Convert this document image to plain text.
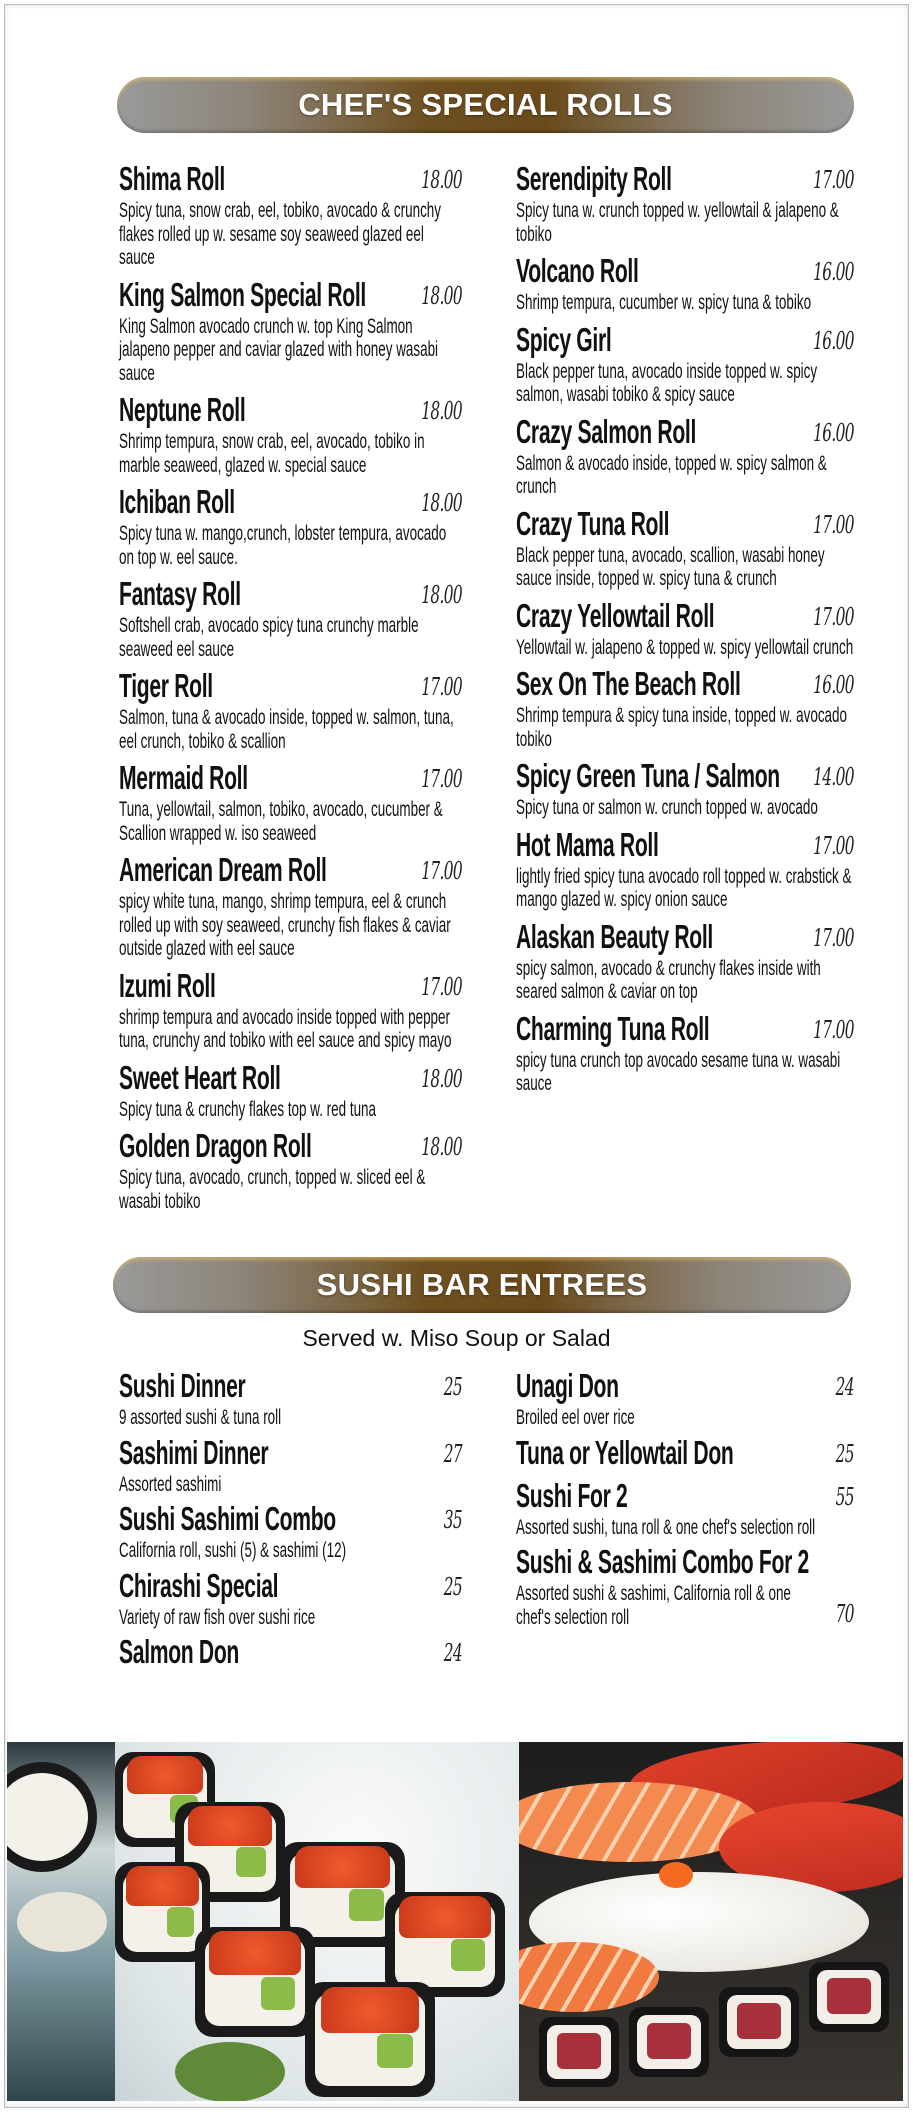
CHEF'S SPECIAL ROLLS
Shima Roll	18.00
Spicy tuna, snow crab, eel, tobiko, avocado & crunchy flakes rolled up w. sesame soy seaweed glazed eel sauce
King Salmon Special Roll	18.00
King Salmon avocado crunch w. top King Salmon jalapeno pepper and caviar glazed with honey wasabi sauce
Neptune Roll	18.00
Shrimp tempura, snow crab, eel, avocado, tobiko in marble seaweed, glazed w. special sauce
Ichiban Roll	18.00
Spicy tuna w. mango,crunch, lobster tempura, avocado on top w. eel sauce.
Fantasy Roll	18.00
Softshell crab, avocado spicy tuna crunchy marble seaweed eel sauce
Tiger Roll	17.00
Salmon, tuna & avocado inside, topped w. salmon, tuna, eel crunch, tobiko & scallion
Mermaid Roll	17.00
Tuna, yellowtail, salmon, tobiko, avocado, cucumber & Scallion wrapped w. iso seaweed
American Dream Roll	17.00
spicy white tuna, mango, shrimp tempura, eel & crunch rolled up with soy seaweed, crunchy fish flakes & caviar outside glazed with eel sauce
Izumi Roll	17.00
shrimp tempura and avocado inside topped with pepper tuna, crunchy and tobiko with eel sauce and spicy mayo
Sweet Heart Roll	18.00
Spicy tuna & crunchy flakes top w. red tuna
Golden Dragon Roll	18.00
Spicy tuna, avocado, crunch, topped w. sliced eel & wasabi tobiko
Serendipity Roll	17.00
Spicy tuna w. crunch topped w. yellowtail & jalapeno & tobiko
Volcano Roll	16.00
Shrimp tempura, cucumber w. spicy tuna & tobiko
Spicy Girl	16.00
Black pepper tuna, avocado inside topped w. spicy salmon, wasabi tobiko & spicy sauce
Crazy Salmon Roll	16.00
Salmon & avocado inside, topped w. spicy salmon & crunch
Crazy Tuna Roll	17.00
Black pepper tuna, avocado, scallion, wasabi honey sauce inside, topped w. spicy tuna & crunch
Crazy Yellowtail Roll	17.00
Yellowtail w. jalapeno & topped w. spicy yellowtail crunch
Sex On The Beach Roll	16.00
Shrimp tempura & spicy tuna inside, topped w. avocado tobiko
Spicy Green Tuna / Salmon	14.00
Spicy tuna or salmon w. crunch topped w. avocado
Hot Mama Roll	17.00
lightly fried spicy tuna avocado roll topped w. crabstick & mango glazed w. spicy onion sauce
Alaskan Beauty Roll	17.00
spicy salmon, avocado & crunchy flakes inside with seared salmon & caviar on top
Charming Tuna Roll	17.00
spicy tuna crunch top avocado sesame tuna w. wasabi sauce
SUSHI BAR ENTREES
Served w. Miso Soup or Salad
Sushi Dinner	25
9 assorted sushi & tuna roll
Sashimi Dinner	27
Assorted sashimi
Sushi Sashimi Combo	35
California roll, sushi (5) & sashimi (12)
Chirashi Special	25
Variety of raw fish over sushi rice
Salmon Don	24
Unagi Don	24
Broiled eel over rice
Tuna or Yellowtail Don	25
Sushi For 2	55
Assorted sushi, tuna roll & one chef's selection roll
Sushi & Sashimi Combo For 2
Assorted sushi & sashimi, California roll & one chef's selection roll	70
